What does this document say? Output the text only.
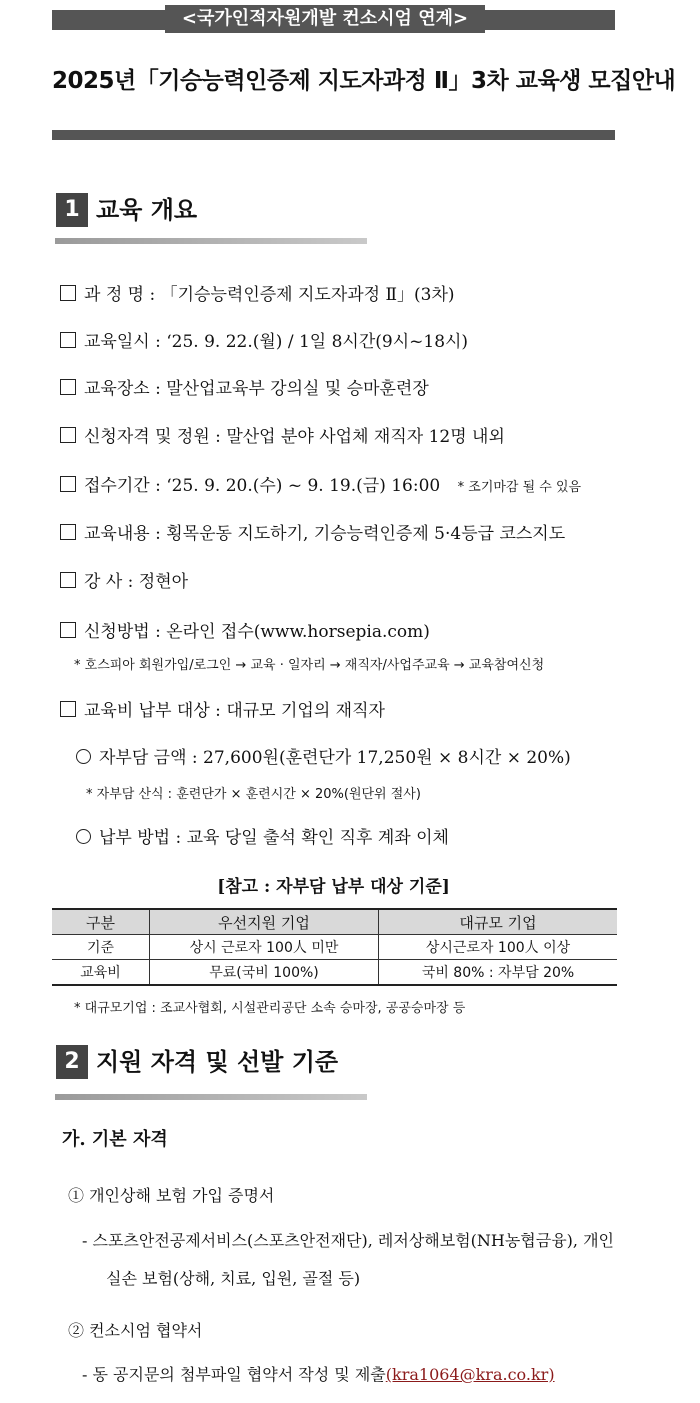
<국가인적자원개발 컨소시엄 연계>
2025년「기승능력인증제 지도자과정 Ⅱ」3차 교육생 모집안내
1 교육 개요
과 정 명 : 「기승능력인증제 지도자과정 Ⅱ」(3차)
교육일시 : ‘25. 9. 22.(월) / 1일 8시간(9시~18시)
교육장소 : 말산업교육부 강의실 및 승마훈련장
신청자격 및 정원 : 말산업 분야 사업체 재직자 12명 내외
접수기간 : ‘25. 9. 20.(수) ~ 9. 19.(금) 16:00 * 조기마감 될 수 있음
교육내용 : 횡목운동 지도하기, 기승능력인증제 5·4등급 코스지도
강 사 : 정현아
신청방법 : 온라인 접수(www.horsepia.com)
* 호스피아 회원가입/로그인 → 교육 · 일자리 → 재직자/사업주교육 → 교육참여신청
교육비 납부 대상 : 대규모 기업의 재직자
자부담 금액 : 27,600원(훈련단가 17,250원 × 8시간 × 20%)
* 자부담 산식 : 훈련단가 × 훈련시간 × 20%(원단위 절사)
납부 방법 : 교육 당일 출석 확인 직후 계좌 이체
[참고 : 자부담 납부 대상 기준]
구분	우선지원 기업	대규모 기업
기준	상시 근로자 100人 미만	상시근로자 100人 이상
교육비	무료(국비 100%)	국비 80% : 자부담 20%
* 대규모기업 : 조교사협회, 시설관리공단 소속 승마장, 공공승마장 등
2 지원 자격 및 선발 기준
가. 기본 자격
① 개인상해 보험 가입 증명서
- 스포츠안전공제서비스(스포츠안전재단), 레저상해보험(NH농협금융), 개인
실손 보험(상해, 치료, 입원, 골절 등)
② 컨소시엄 협약서
- 동 공지문의 첨부파일 협약서 작성 및 제출(kra1064@kra.co.kr)
